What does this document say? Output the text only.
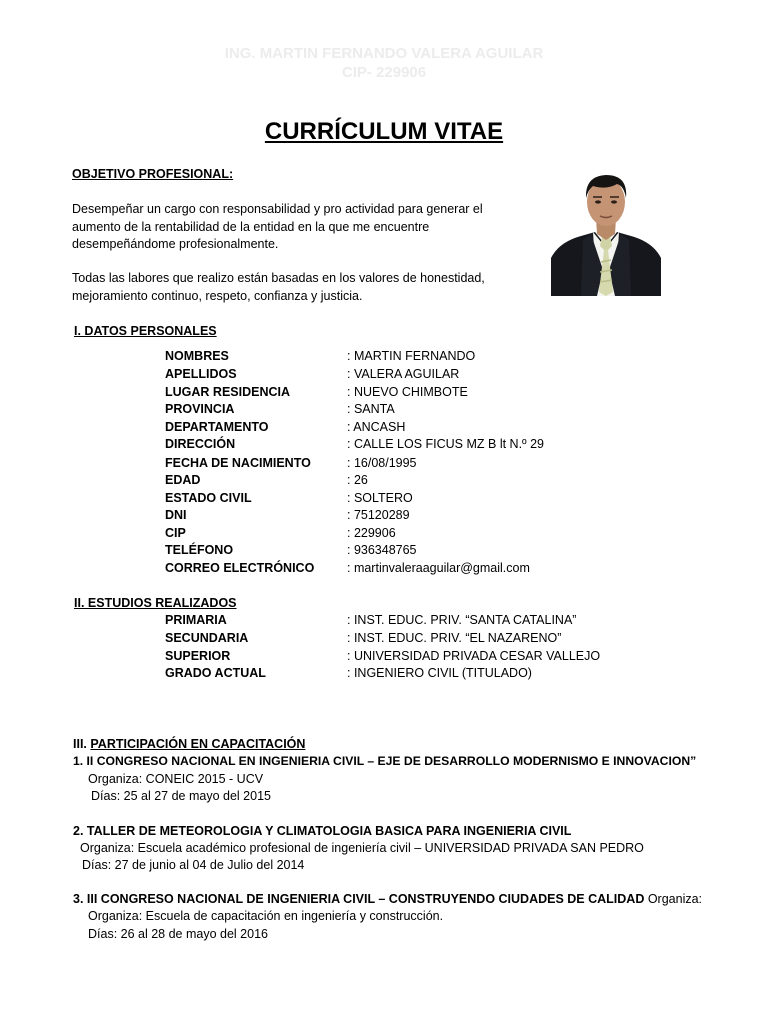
ING. MARTIN FERNANDO VALERA AGUILAR
CIP- 229906
CURRÍCULUM VITAE
OBJETIVO PROFESIONAL:
Desempeñar un cargo con responsabilidad y pro actividad para generar el
aumento de la rentabilidad de la entidad en la que me encuentre
desempeñándome profesionalmente.
Todas las labores que realizo están basadas en los valores de honestidad,
mejoramiento continuo, respeto, confianza y justicia.
I. DATOS PERSONALES
NOMBRES	: MARTIN FERNANDO
APELLIDOS	: VALERA AGUILAR
LUGAR RESIDENCIA	: NUEVO CHIMBOTE
PROVINCIA	: SANTA
DEPARTAMENTO	: ANCASH
DIRECCIÓN	: CALLE LOS FICUS MZ B lt N.º 29
FECHA DE NACIMIENTO	: 16/08/1995
EDAD	: 26
ESTADO CIVIL	: SOLTERO
DNI	: 75120289
CIP	: 229906
TELÉFONO	: 936348765
CORREO ELECTRÓNICO	: martinvaleraaguilar@gmail.com
II. ESTUDIOS REALIZADOS
PRIMARIA	: INST. EDUC. PRIV. “SANTA CATALINA”
SECUNDARIA	: INST. EDUC. PRIV. “EL NAZARENO”
SUPERIOR	: UNIVERSIDAD PRIVADA CESAR VALLEJO
GRADO ACTUAL	: INGENIERO CIVIL (TITULADO)
III. PARTICIPACIÓN EN CAPACITACIÓN
1. II CONGRESO NACIONAL EN INGENIERIA CIVIL – EJE DE DESARROLLO MODERNISMO E INNOVACION”
Organiza: CONEIC 2015 - UCV
Días: 25 al 27 de mayo del 2015
2. TALLER DE METEOROLOGIA Y CLIMATOLOGIA BASICA PARA INGENIERIA CIVIL
Organiza: Escuela académico profesional de ingeniería civil – UNIVERSIDAD PRIVADA SAN PEDRO
Días: 27 de junio al 04 de Julio del 2014
3. III CONGRESO NACIONAL DE INGENIERIA CIVIL – CONSTRUYENDO CIUDADES DE CALIDAD Organiza:
Organiza: Escuela de capacitación en ingeniería y construcción.
Días: 26 al 28 de mayo del 2016
